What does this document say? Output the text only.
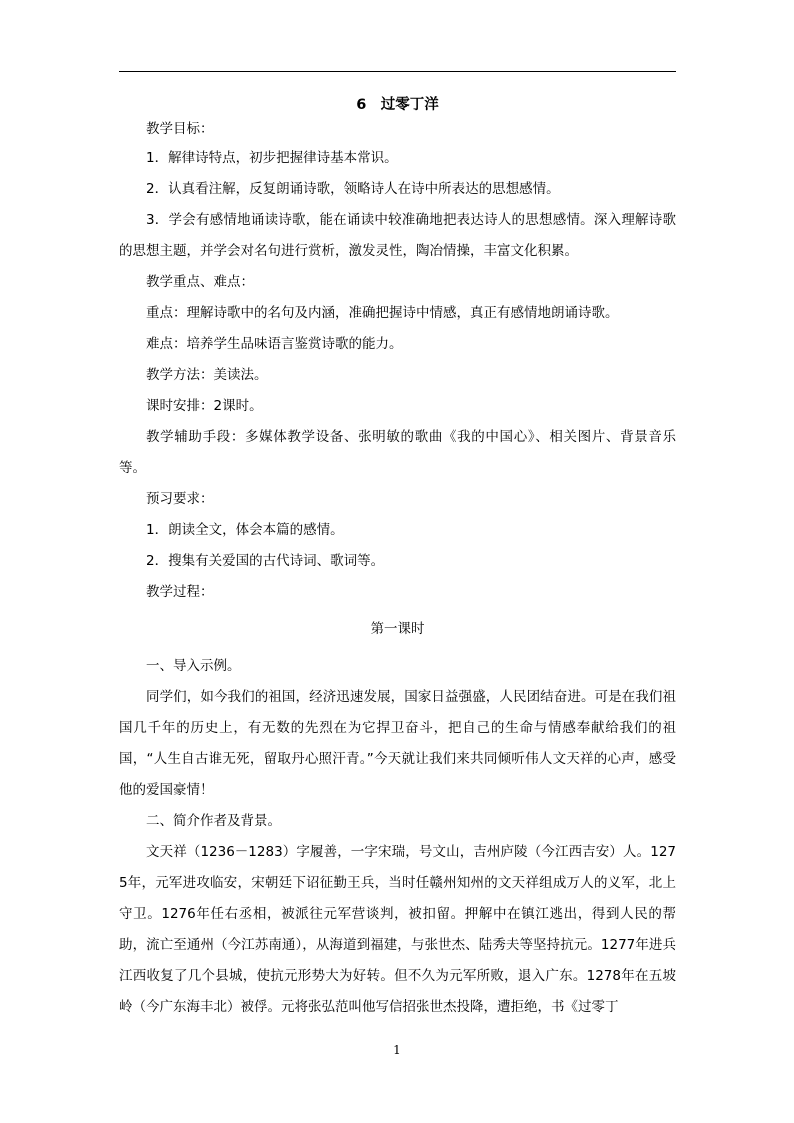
6　过零丁洋

教学目标：

1．解律诗特点，初步把握律诗基本常识。

2．认真看注解，反复朗诵诗歌，领略诗人在诗中所表达的思想感情。

3．学会有感情地诵读诗歌，能在诵读中较准确地把表达诗人的思想感情。深入理解诗歌的思想主题，并学会对名句进行赏析，激发灵性，陶冶情操，丰富文化积累。

教学重点、难点：

重点：理解诗歌中的名句及内涵，准确把握诗中情感，真正有感情地朗诵诗歌。

难点：培养学生品味语言鉴赏诗歌的能力。

教学方法：美读法。

课时安排：2课时。

教学辅助手段：多媒体教学设备、张明敏的歌曲《我的中国心》、相关图片、背景音乐等。

预习要求：

1．朗读全文，体会本篇的感情。

2．搜集有关爱国的古代诗词、歌词等。

教学过程：

第一课时

一、导入示例。

同学们，如今我们的祖国，经济迅速发展，国家日益强盛，人民团结奋进。可是在我们祖国几千年的历史上，有无数的先烈在为它捍卫奋斗，把自己的生命与情感奉献给我们的祖国，“人生自古谁无死，留取丹心照汗青。”今天就让我们来共同倾听伟人文天祥的心声，感受他的爱国豪情！

二、简介作者及背景。

文天祥（1236－1283）字履善，一字宋瑞，号文山，吉州庐陵（今江西吉安）人。1275年，元军进攻临安，宋朝廷下诏征勤王兵，当时任赣州知州的文天祥组成万人的义军，北上守卫。1276年任右丞相，被派往元军营谈判，被扣留。押解中在镇江逃出，得到人民的帮助，流亡至通州（今江苏南通），从海道到福建，与张世杰、陆秀夫等坚持抗元。1277年进兵江西收复了几个县城，使抗元形势大为好转。但不久为元军所败，退入广东。1278年在五坡岭（今广东海丰北）被俘。元将张弘范叫他写信招张世杰投降，遭拒绝，书《过零丁

1
